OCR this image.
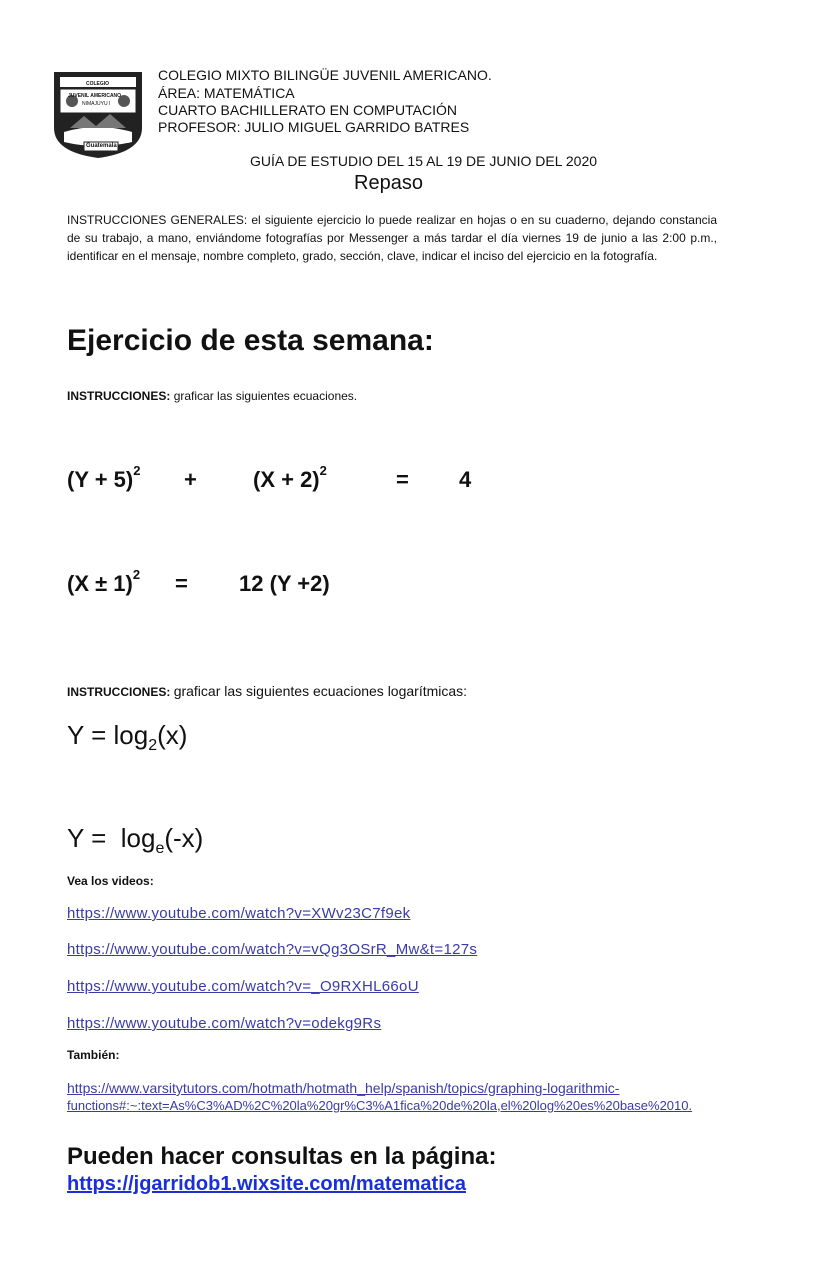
COLEGIO
JUVENIL AMERICANO
NIMAJUYU I
Guatemala
COLEGIO MIXTO BILINGÜE JUVENIL AMERICANO.
ÁREA: MATEMÁTICA
CUARTO BACHILLERATO EN COMPUTACIÓN
PROFESOR: JULIO MIGUEL GARRIDO BATRES
GUÍA DE ESTUDIO DEL 15 AL 19 DE JUNIO DEL 2020
Repaso
INSTRUCCIONES GENERALES: el siguiente ejercicio lo puede realizar en hojas o en su cuaderno, dejando constancia de su trabajo, a mano, enviándome fotografías por Messenger a más tardar el día viernes 19 de junio a las 2:00 p.m., identificar en el mensaje, nombre completo, grado, sección, clave, indicar el inciso del ejercicio en la fotografía.
Ejercicio de esta semana:
INSTRUCCIONES: graficar las siguientes ecuaciones.
$(Y + 5)^2$ +	$(X + 2)^2$	= 4
$(X \pm 1)^2 = 12$ (Y +2)
INSTRUCCIONES: graficar las siguientes ecuaciones logarítmicas:
$Y = \log_2(x)$
$Y = \log_e(-x)$
Vea los videos:
https://www.youtube.com/watch?v=XWv23C7f9ek
https://www.youtube.com/watch?v=vQg3OSrR_Mw&t=127s
https://www.youtube.com/watch?v=_O9RXHL66oU
https://www.youtube.com/watch?v=odekg9Rs
También:
https://www.varsitytutors.com/hotmath/hotmath_help/spanish/topics/graphing-logarithmic-
functions#:~:text=As%C3%AD%2C%20la%20gr%C3%A1fica%20de%20la,el%20log%20es%20base%2010.
Pueden hacer consultas en la página:
https://jgarridob1.wixsite.com/matematica
